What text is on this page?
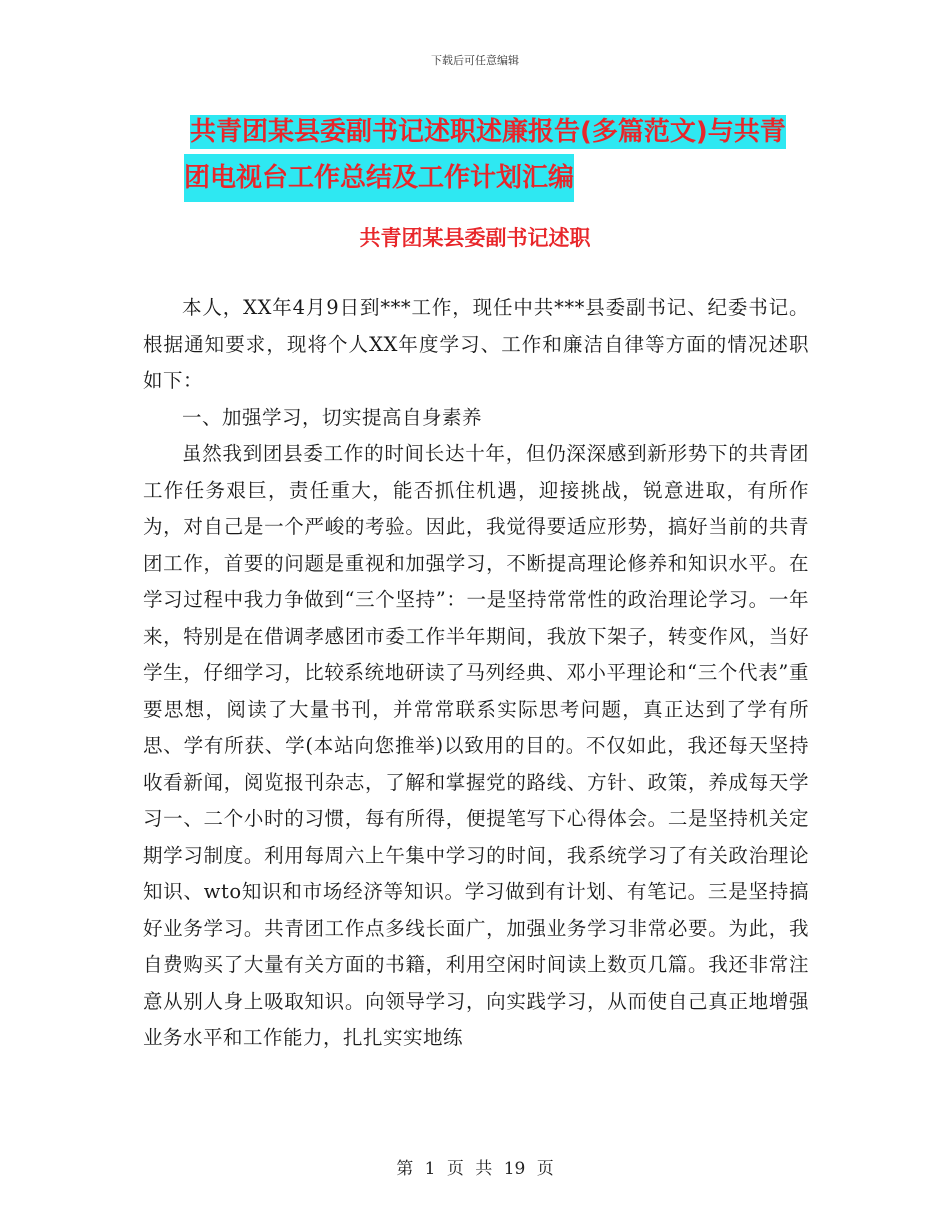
下载后可任意编辑
共青团某县委副书记述职述廉报告(多篇范文)与共青
团电视台工作总结及工作计划汇编
共青团某县委副书记述职

本人，XX年4月9日到***工作，现任中共***县委副书记、纪委书记。根据通知要求，现将个人XX年度学习、工作和廉洁自律等方面的情况述职如下：

一、加强学习，切实提高自身素养

虽然我到团县委工作的时间长达十年，但仍深深感到新形势下的共青团工作任务艰巨，责任重大，能否抓住机遇，迎接挑战，锐意进取，有所作为，对自己是一个严峻的考验。因此，我觉得要适应形势，搞好当前的共青团工作，首要的问题是重视和加强学习，不断提高理论修养和知识水平。在学习过程中我力争做到“三个坚持”：一是坚持常常性的政治理论学习。一年来，特别是在借调孝感团市委工作半年期间，我放下架子，转变作风，当好学生，仔细学习，比较系统地研读了马列经典、邓小平理论和“三个代表”重要思想，阅读了大量书刊，并常常联系实际思考问题，真正达到了学有所思、学有所获、学(本站向您推举)以致用的目的。不仅如此，我还每天坚持收看新闻，阅览报刊杂志，了解和掌握党的路线、方针、政策，养成每天学习一、二个小时的习惯，每有所得，便提笔写下心得体会。二是坚持机关定期学习制度。利用每周六上午集中学习的时间，我系统学习了有关政治理论知识、wto知识和市场经济等知识。学习做到有计划、有笔记。三是坚持搞好业务学习。共青团工作点多线长面广，加强业务学习非常必要。为此，我自费购买了大量有关方面的书籍，利用空闲时间读上数页几篇。我还非常注意从别人身上吸取知识。向领导学习，向实践学习，从而使自己真正地增强业务水平和工作能力，扎扎实实地练

第 1 页 共 19 页
